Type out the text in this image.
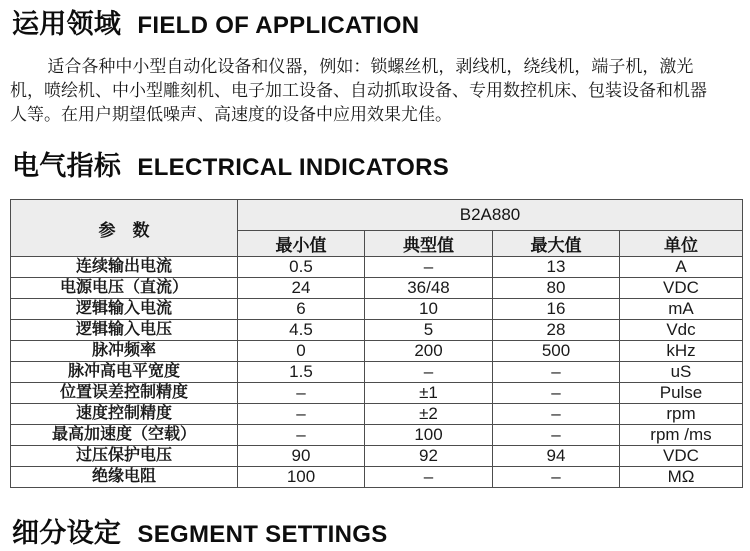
运用领域 FIELD OF APPLICATION
适合各种中小型自动化设备和仪器，例如：锁螺丝机，剥线机，绕线机，端子机，激光
机，喷绘机、中小型雕刻机、电子加工设备、自动抓取设备、专用数控机床、包装设备和机器
人等。在用户期望低噪声、高速度的设备中应用效果尤佳。
电气指标 ELECTRICAL INDICATORS
参　数	B2A880			
	最小值	典型值	最大值	单位
连续输出电流	0.5	–	13	A
电源电压（直流）	24	36/48	80	VDC
逻辑输入电流	6	10	16	mA
逻辑输入电压	4.5	5	28	Vdc
脉冲频率	0	200	500	kHz
脉冲高电平宽度	1.5	–	–	uS
位置误差控制精度	–	±1	–	Pulse
速度控制精度	–	±2	–	rpm
最高加速度（空载）	–	100	–	rpm /ms
过压保护电压	90	92	94	VDC
绝缘电阻	100	–	–	MΩ
细分设定 SEGMENT SETTINGS
